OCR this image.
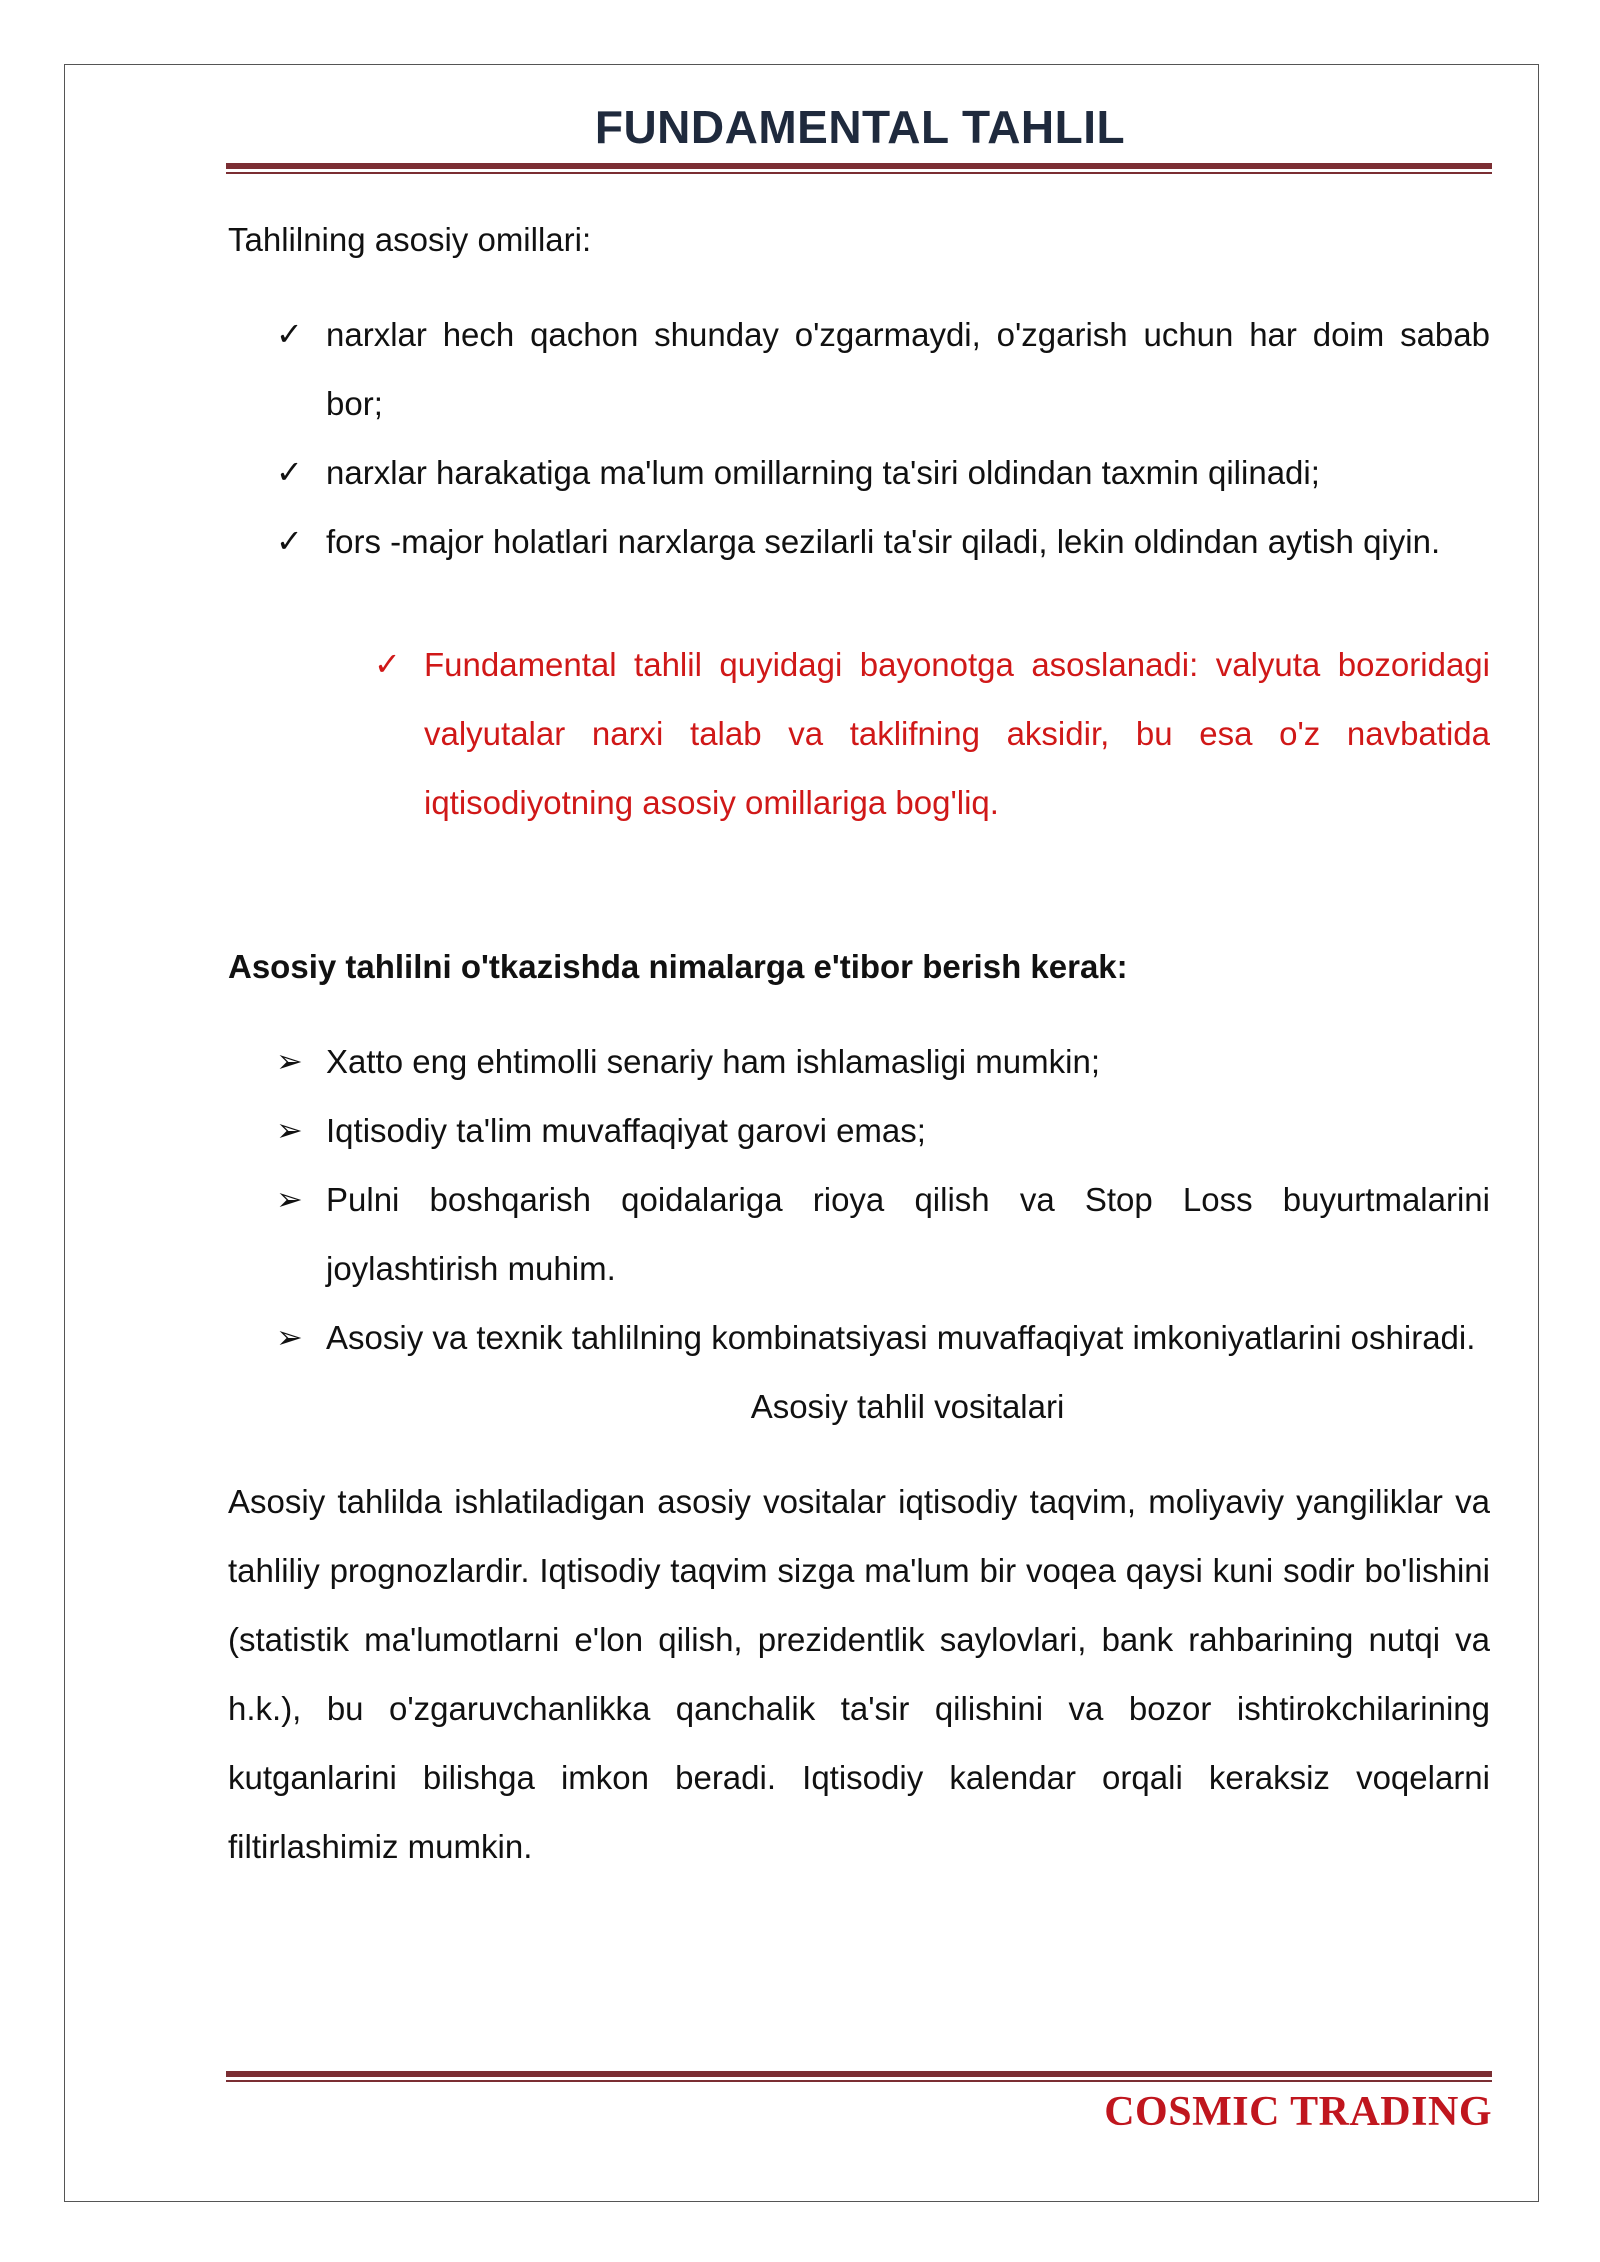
FUNDAMENTAL TAHLIL

Tahlilning asosiy omillari:

✓ narxlar hech qachon shunday o'zgarmaydi, o'zgarish uchun har doim sabab bor;
✓ narxlar harakatiga ma'lum omillarning ta'siri oldindan taxmin qilinadi;
✓ fors -major holatlari narxlarga sezilarli ta'sir qiladi, lekin oldindan aytish qiyin.
✓ Fundamental tahlil quyidagi bayonotga asoslanadi: valyuta bozoridagi valyutalar narxi talab va taklifning aksidir, bu esa o'z navbatida iqtisodiyotning asosiy omillariga bog'liq.

Asosiy tahlilni o'tkazishda nimalarga e'tibor berish kerak:

➢ Xatto eng ehtimolli senariy ham ishlamasligi mumkin;
➢ Iqtisodiy ta'lim muvaffaqiyat garovi emas;
➢ Pulni boshqarish qoidalariga rioya qilish va Stop Loss buyurtmalarini joylashtirish muhim.
➢ Asosiy va texnik tahlilning kombinatsiyasi muvaffaqiyat imkoniyatlarini oshiradi.

Asosiy tahlil vositalari

Asosiy tahlilda ishlatiladigan asosiy vositalar iqtisodiy taqvim, moliyaviy yangiliklar va tahliliy prognozlardir. Iqtisodiy taqvim sizga ma'lum bir voqea qaysi kuni sodir bo'lishini (statistik ma'lumotlarni e'lon qilish, prezidentlik saylovlari, bank rahbarining nutqi va h.k.), bu o'zgaruvchanlikka qanchalik ta'sir qilishini va bozor ishtirokchilarining kutganlarini bilishga imkon beradi. Iqtisodiy kalendar orqali keraksiz voqelarni filtirlashimiz mumkin.

COSMIC TRADING
